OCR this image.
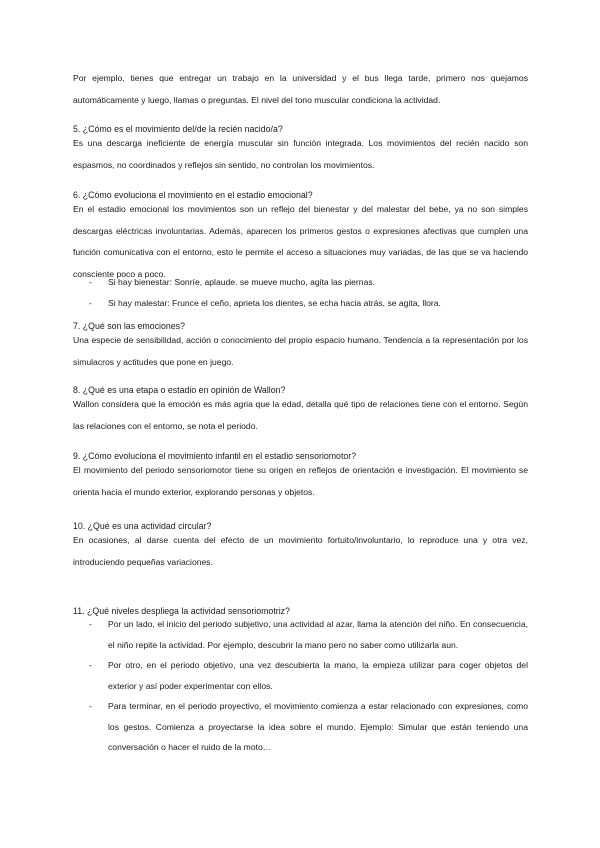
Por ejemplo, tienes que entregar un trabajo en la universidad y el bus llega tarde, primero nos quejamos automáticamente y luego, llamas o preguntas. El nivel del tono muscular condiciona la actividad.

5. ¿Cómo es el movimiento del/de la recién nacido/a?

Es una descarga ineficiente de energía muscular sin función integrada. Los movimientos del recién nacido son espasmos, no coordinados y reflejos sin sentido, no controlan los movimientos.

6. ¿Cómo evoluciona el movimiento en el estadio emocional?

En el estadio emocional los movimientos son un reflejo del bienestar y del malestar del bebe, ya no son simples descargas eléctricas involuntarias. Además, aparecen los primeros gestos o expresiones afectivas que cumplen una función comunicativa con el entorno, esto le permite el acceso a situaciones muy variadas, de las que se va haciendo consciente poco a poco.

- Si hay bienestar: Sonríe, aplaude. se mueve mucho, agita las piernas.
- Si hay malestar: Frunce el ceño, aprieta los dientes, se echa hacia atrás, se agita, llora.
7. ¿Qué son las emociones?

Una especie de sensibilidad, acción o conocimiento del propio espacio humano. Tendencia a la representación por los simulacros y actitudes que pone en juego.

8. ¿Qué es una etapa o estadio en opinión de Wallon?

Wallon considera que la emoción es más agria que la edad, detalla qué tipo de relaciones tiene con el entorno. Según las relaciones con el entorno, se nota el periodo.

9. ¿Cómo evoluciona el movimiento infantil en el estadio sensoriomotor?

El movimiento del periodo sensoriomotor tiene su origen en reflejos de orientación e investigación. El movimiento se orienta hacia el mundo exterior, explorando personas y objetos.

10. ¿Qué es una actividad circular?

En ocasiones, al darse cuenta del efecto de un movimiento fortuito/involuntario, lo reproduce una y otra vez, introduciendo pequeñas variaciones.

11. ¿Qué niveles despliega la actividad sensoriomotriz?
- Por un lado, el inicio del periodo subjetivo, una actividad al azar, llama la atención del niño. En consecuencia, el niño repite la actividad. Por ejemplo, descubrir la mano pero no saber como utilizarla aun.
- Por otro, en el periodo objetivo, una vez descubierta la mano, la empieza utilizar para coger objetos del exterior y así poder experimentar con ellos.
- Para terminar, en el periodo proyectivo, el movimiento comienza a estar relacionado con expresiones, como los gestos. Comienza a proyectarse la idea sobre el mundo. Ejemplo: Simular que están teniendo una conversación o hacer el ruido de la moto…
